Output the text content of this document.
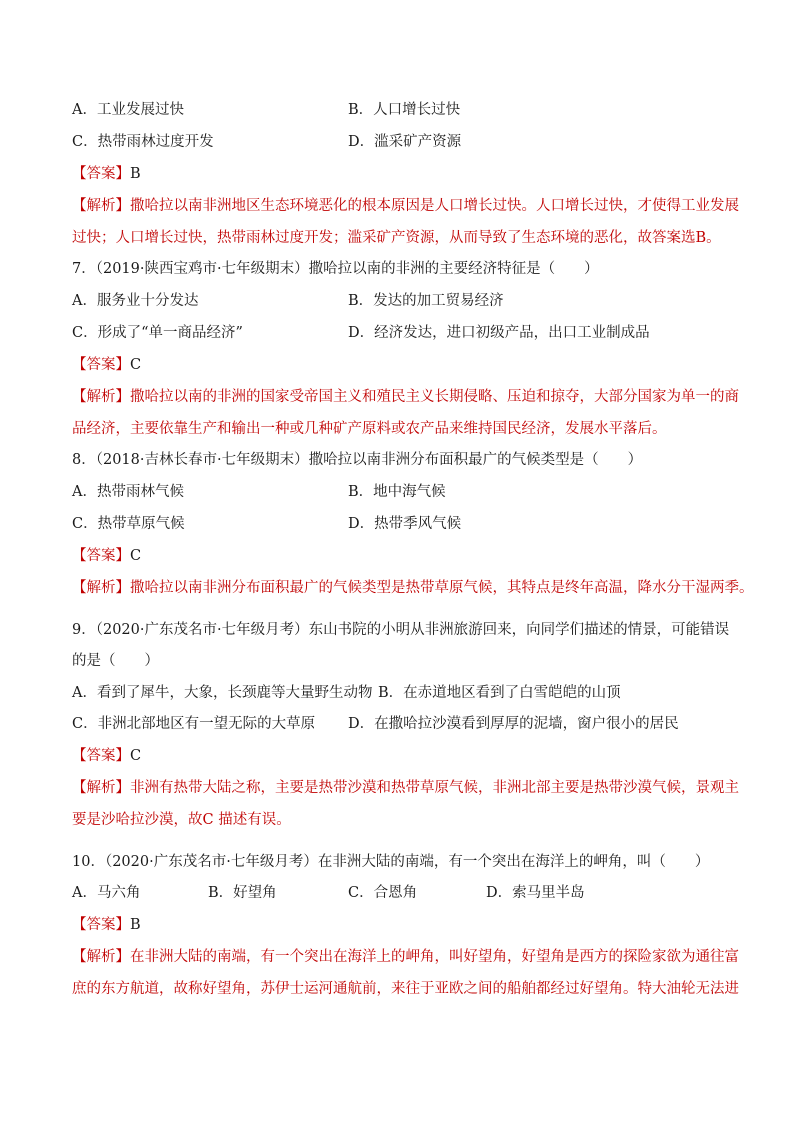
A．工业发展过快	B．人口增长过快
C．热带雨林过度开发	D．滥采矿产资源
【答案】B
【解析】撒哈拉以南非洲地区生态环境恶化的根本原因是人口增长过快。人口增长过快，才使得工业发展
过快；人口增长过快，热带雨林过度开发；滥采矿产资源，从而导致了生态环境的恶化，故答案选B。
7．（2019·陕西宝鸡市·七年级期末）撒哈拉以南的非洲的主要经济特征是（　　）
A．服务业十分发达	B．发达的加工贸易经济
C．形成了“单一商品经济”	D．经济发达，进口初级产品，出口工业制成品
【答案】C
【解析】撒哈拉以南的非洲的国家受帝国主义和殖民主义长期侵略、压迫和掠夺，大部分国家为单一的商
品经济，主要依靠生产和输出一种或几种矿产原料或农产品来维持国民经济，发展水平落后。
8．（2018·吉林长春市·七年级期末）撒哈拉以南非洲分布面积最广的气候类型是（　　）
A．热带雨林气候	B．地中海气候
C．热带草原气候	D．热带季风气候
【答案】C
【解析】撒哈拉以南非洲分布面积最广的气候类型是热带草原气候，其特点是终年高温，降水分干湿两季。
9．（2020·广东茂名市·七年级月考）东山书院的小明从非洲旅游回来，向同学们描述的情景，可能错误
的是（　　）
A．看到了犀牛，大象，长颈鹿等大量野生动物 B．在赤道地区看到了白雪皑皑的山顶
C．非洲北部地区有一望无际的大草原 D．在撒哈拉沙漠看到厚厚的泥墙，窗户很小的居民
【答案】C
【解析】非洲有热带大陆之称，主要是热带沙漠和热带草原气候，非洲北部主要是热带沙漠气候，景观主
要是沙哈拉沙漠，故C 描述有误。
10．（2020·广东茂名市·七年级月考）在非洲大陆的南端，有一个突出在海洋上的岬角，叫（　　）
A．马六角	B．好望角	C．合恩角	D．索马里半岛
【答案】B
【解析】在非洲大陆的南端，有一个突出在海洋上的岬角，叫好望角，好望角是西方的探险家欲为通往富
庶的东方航道，故称好望角，苏伊士运河通航前，来往于亚欧之间的船舶都经过好望角。特大油轮无法进
